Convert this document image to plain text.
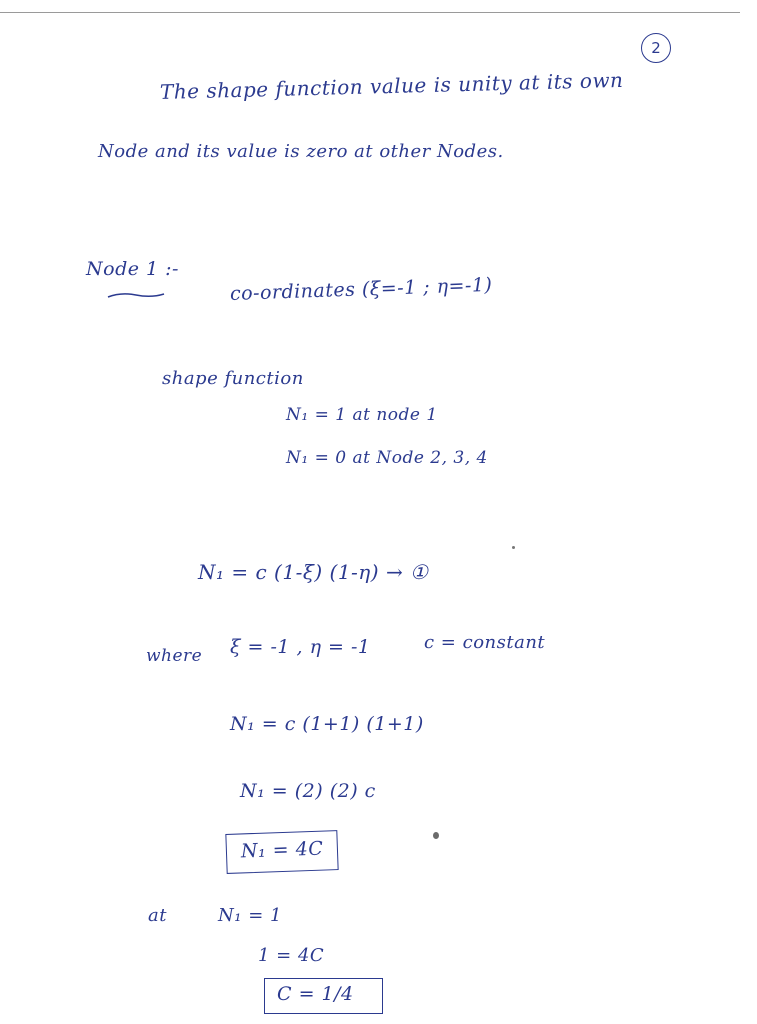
2
The shape function value is unity at its own
Node and its value is zero at other Nodes.
Node 1 :-
co-ordinates (ξ=-1 ; η=-1)
shape function
N₁ = 1 at node 1
N₁ = 0 at Node 2, 3, 4
N₁ = c (1-ξ) (1-η) → ①
where ξ = -1 , η = -1	c = constant
N₁ = c (1+1) (1+1)
N₁ = (2) (2) c
N₁ = 4C
at	N₁ = 1
1 = 4C
C = 1/4
